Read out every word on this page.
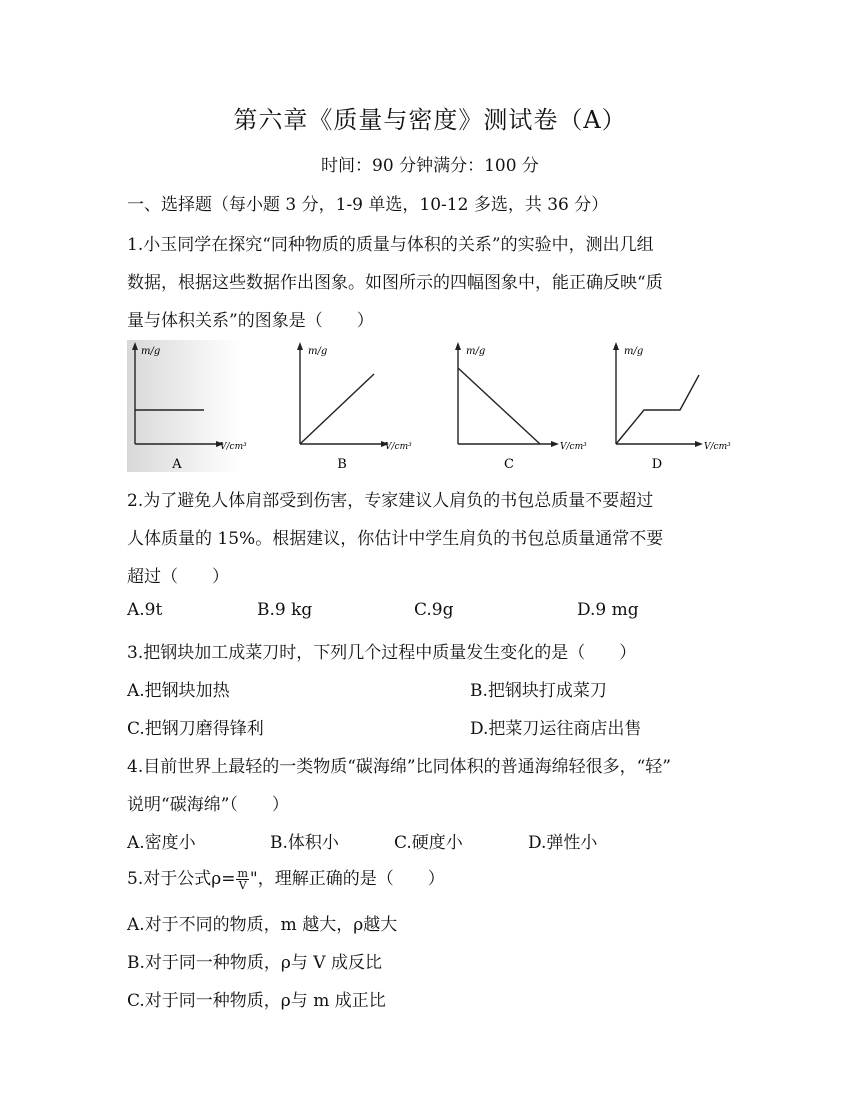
第六章《质量与密度》测试卷（A）
时间：90 分钟满分：100 分
一、选择题（每小题 3 分，1-9 单选，10-12 多选，共 36 分）
1.小玉同学在探究“同种物质的质量与体积的关系”的实验中，测出几组
数据，根据这些数据作出图象。如图所示的四幅图象中，能正确反映“质
量与体积关系”的图象是（　　）
m/g
V/cm³
A
m/g
V/cm³
B
m/g
V/cm³
C
m/g
V/cm³
D
2.为了避免人体肩部受到伤害，专家建议人肩负的书包总质量不要超过
人体质量的 15%。根据建议，你估计中学生肩负的书包总质量通常不要
超过（　　）
A.9t	B.9 kg	C.9g	D.9 mg
3.把钢块加工成菜刀时，下列几个过程中质量发生变化的是（　　）
A.把钢块加热	B.把钢块打成菜刀
C.把钢刀磨得锋利	D.把菜刀运往商店出售
4.目前世界上最轻的一类物质“碳海绵”比同体积的普通海绵轻很多，“轻”
说明“碳海绵”（　　）
A.密度小	B.体积小	C.硬度小	D.弹性小
5.对于公式$\rho= \frac{m}{V}$ "，理解正确的是（　　）
A.对于不同的物质，m 越大，ρ越大
B.对于同一种物质，ρ与 V 成反比
C.对于同一种物质，ρ与 m 成正比
